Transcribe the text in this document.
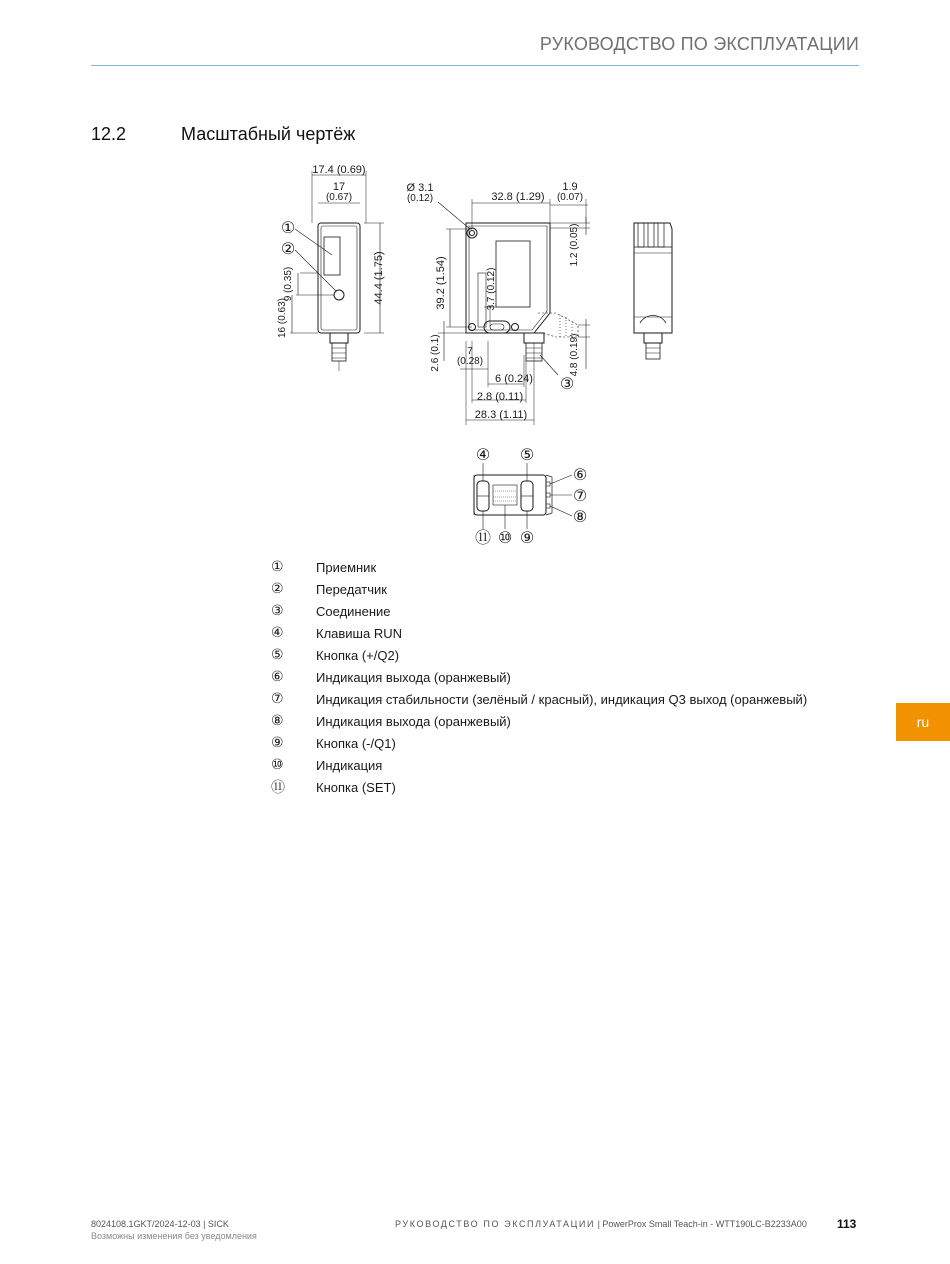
РУКОВОДСТВО ПО ЭКСПЛУАТАЦИИ
12.2	Масштабный чертёж
17.4 (0.69)
17
(0.67)
44.4 (1.75)
9 (0.35)
16 (0.63)
①
②
Ø 3.1
(0.12)	32.8 (1.29)
1.9
(0.07)
1.2 (0.05)
39.2 (1.54)	3.7 (0.12)
2.6 (0.1)	7
(0.28)
6 (0.24)
2.8 (0.11)
28.3 (1.11)
4.8 (0.19)
③
④ ⑤
⑥
⑦
⑧
⑨
⑩
⑪
①	Приемник
②	Передатчик
③	Соединение
④	Клавиша RUN
⑤	Кнопка (+/Q2)
⑥	Индикация выхода (оранжевый)
⑦	Индикация стабильности (зелёный / красный), индикация Q3 выход (оранжевый)
⑧	Индикация выхода (оранжевый)
⑨	Кнопка (-/Q1)
⑩	Индикация
⑪	Кнопка (SET)
ru
8024108.1GKT/2024-12-03 | SICK
Возможны изменения без уведомления
РУКОВОДСТВО ПО ЭКСПЛУАТАЦИИ | PowerProx Small Teach-in - WTT190LC-B2233A00	113
